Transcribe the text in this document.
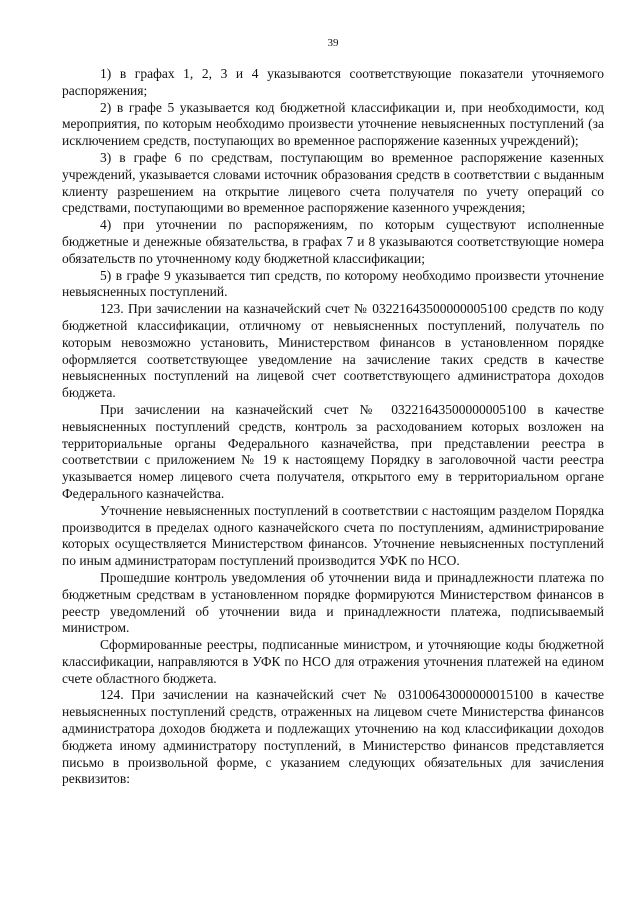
39

1) в графах 1, 2, 3 и 4 указываются соответствующие показатели уточняемого распоряжения;

2) в графе 5 указывается код бюджетной классификации и, при необходимости, код мероприятия, по которым необходимо произвести уточнение невыясненных поступлений (за исключением средств, поступающих во временное распоряжение казенных учреждений);

3) в графе 6 по средствам, поступающим во временное распоряжение казенных учреждений, указывается словами источник образования средств в соответствии с выданным клиенту разрешением на открытие лицевого счета получателя по учету операций со средствами, поступающими во временное распоряжение казенного учреждения;

4) при уточнении по распоряжениям, по которым существуют исполненные бюджетные и денежные обязательства, в графах 7 и 8 указываются соответствующие номера обязательств по уточненному коду бюджетной классификации;

5) в графе 9 указывается тип средств, по которому необходимо произвести уточнение невыясненных поступлений.

123. При зачислении на казначейский счет № 03221643500000005100 средств по коду бюджетной классификации, отличному от невыясненных поступлений, получатель по которым невозможно установить, Министерством финансов в установленном порядке оформляется соответствующее уведомление на зачисление таких средств в качестве невыясненных поступлений на лицевой счет соответствующего администратора доходов бюджета.

При зачислении на казначейский счет № 03221643500000005100 в качестве невыясненных поступлений средств, контроль за расходованием которых возложен на территориальные органы Федерального казначейства, при представлении реестра в соответствии с приложением № 19 к настоящему Порядку в заголовочной части реестра указывается номер лицевого счета получателя, открытого ему в территориальном органе Федерального казначейства.

Уточнение невыясненных поступлений в соответствии с настоящим разделом Порядка производится в пределах одного казначейского счета по поступлениям, администрирование которых осуществляется Министерством финансов. Уточнение невыясненных поступлений по иным администраторам поступлений производится УФК по НСО.

Прошедшие контроль уведомления об уточнении вида и принадлежности платежа по бюджетным средствам в установленном порядке формируются Министерством финансов в реестр уведомлений об уточнении вида и принадлежности платежа, подписываемый министром.

Сформированные реестры, подписанные министром, и уточняющие коды бюджетной классификации, направляются в УФК по НСО для отражения уточнения платежей на едином счете областного бюджета.

124. При зачислении на казначейский счет № 03100643000000015100 в качестве невыясненных поступлений средств, отраженных на лицевом счете Министерства финансов администратора доходов бюджета и подлежащих уточнению на код классификации доходов бюджета иному администратору поступлений, в Министерство финансов представляется письмо в произвольной форме, с указанием следующих обязательных для зачисления реквизитов:
